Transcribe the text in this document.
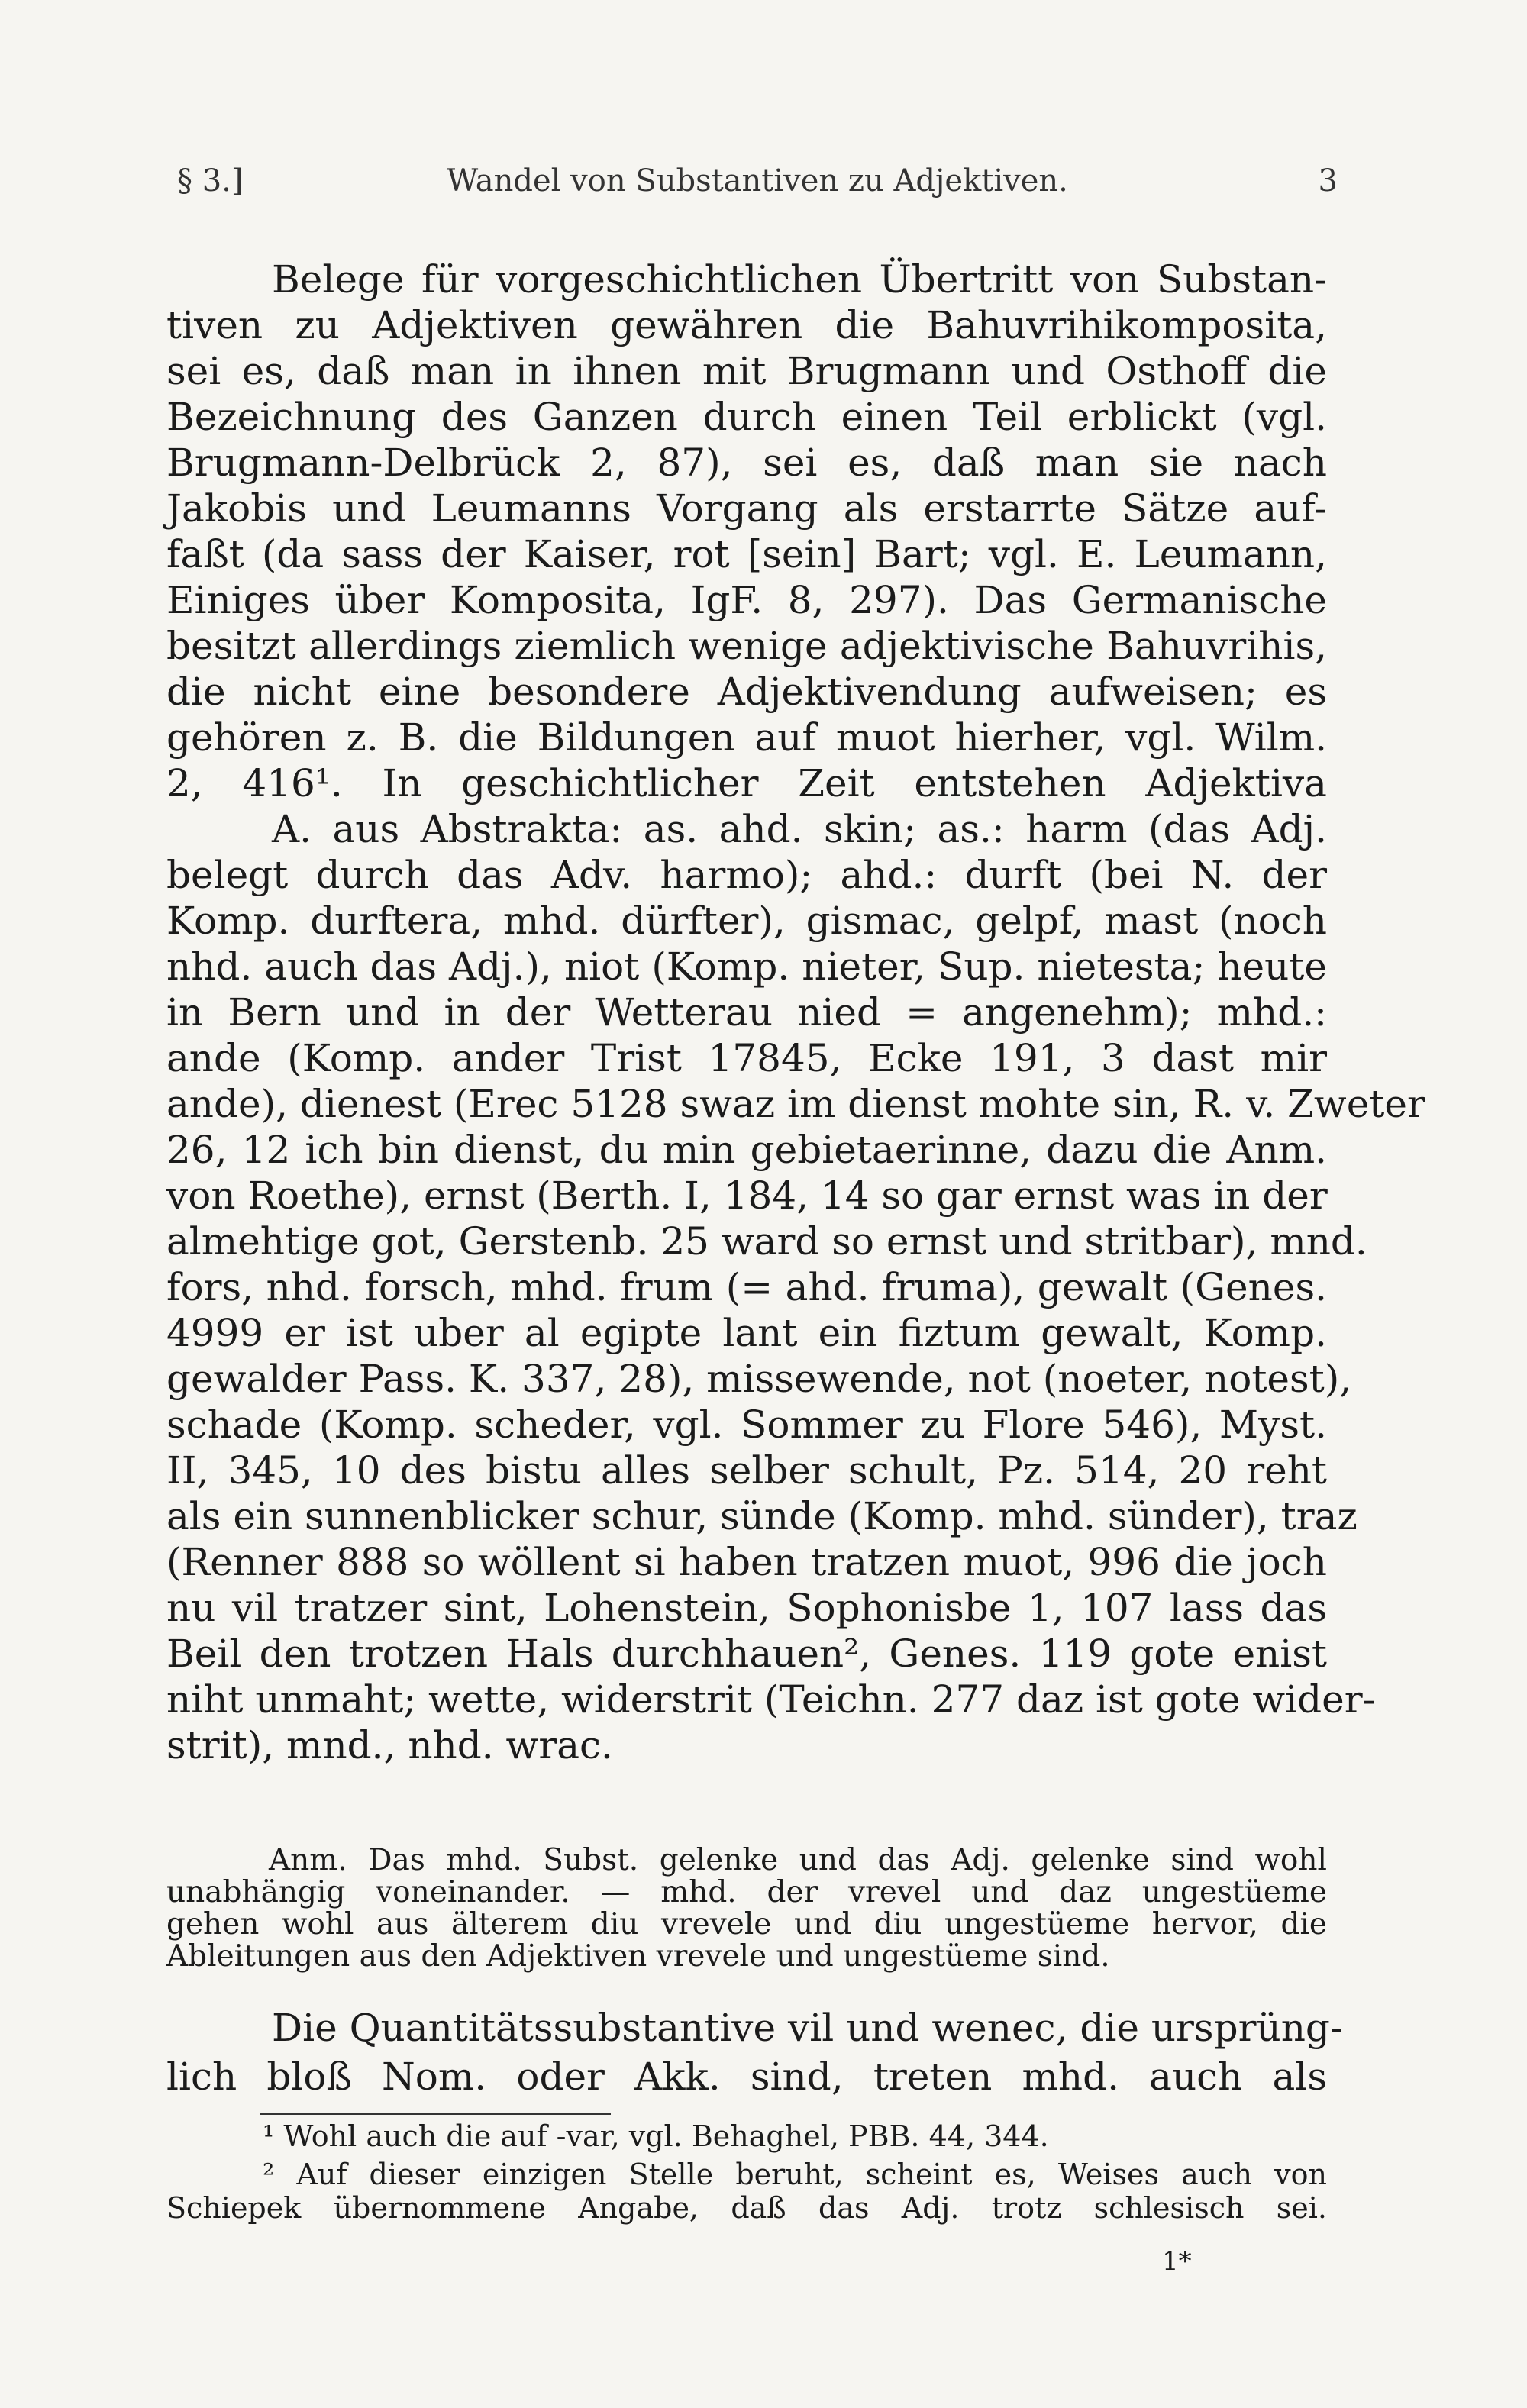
§ 3.]	Wandel von Substantiven zu Adjektiven.	3
Belege für vorgeschichtlichen Übertritt von Substan-
tiven zu Adjektiven gewähren die Bahuvrihikomposita,
sei es, daß man in ihnen mit Brugmann und Osthoff die
Bezeichnung des Ganzen durch einen Teil erblickt (vgl.
Brugmann-Delbrück 2, 87), sei es, daß man sie nach
Jakobis und Leumanns Vorgang als erstarrte Sätze auf-
faßt (da sass der Kaiser, rot [sein] Bart; vgl. E. Leumann,
Einiges über Komposita, IgF. 8, 297). Das Germanische
besitzt allerdings ziemlich wenige adjektivische Bahuvrihis,
die nicht eine besondere Adjektivendung aufweisen; es
gehören z. B. die Bildungen auf muot hierher, vgl. Wilm.
2, 416¹. In geschichtlicher Zeit entstehen Adjektiva
A. aus Abstrakta: as. ahd. skin; as.: harm (das Adj.
belegt durch das Adv. harmo); ahd.: durft (bei N. der
Komp. durftera, mhd. dürfter), gismac, gelpf, mast (noch
nhd. auch das Adj.), niot (Komp. nieter, Sup. nietesta; heute
in Bern und in der Wetterau nied = angenehm); mhd.:
ande (Komp. ander Trist 17845, Ecke 191, 3 dast mir
ande), dienest (Erec 5128 swaz im dienst mohte sin, R. v. Zweter
26, 12 ich bin dienst, du min gebietaerinne, dazu die Anm.
von Roethe), ernst (Berth. I, 184, 14 so gar ernst was in der
almehtige got, Gerstenb. 25 ward so ernst und stritbar), mnd.
fors, nhd. forsch, mhd. frum (= ahd. fruma), gewalt (Genes.
4999 er ist uber al egipte lant ein fiztum gewalt, Komp.
gewalder Pass. K. 337, 28), missewende, not (noeter, notest),
schade (Komp. scheder, vgl. Sommer zu Flore 546), Myst.
II, 345, 10 des bistu alles selber schult, Pz. 514, 20 reht
als ein sunnenblicker schur, sünde (Komp. mhd. sünder), traz
(Renner 888 so wöllent si haben tratzen muot, 996 die joch
nu vil tratzer sint, Lohenstein, Sophonisbe 1, 107 lass das
Beil den trotzen Hals durchhauen², Genes. 119 gote enist
niht unmaht; wette, widerstrit (Teichn. 277 daz ist gote wider-
strit), mnd., nhd. wrac.
Anm. Das mhd. Subst. gelenke und das Adj. gelenke sind wohl
unabhängig voneinander. — mhd. der vrevel und daz ungestüeme
gehen wohl aus älterem diu vrevele und diu ungestüeme hervor, die
Ableitungen aus den Adjektiven vrevele und ungestüeme sind.
Die Quantitätssubstantive vil und wenec, die ursprüng-
lich bloß Nom. oder Akk. sind, treten mhd. auch als
¹ Wohl auch die auf -var, vgl. Behaghel, PBB. 44, 344.
² Auf dieser einzigen Stelle beruht, scheint es, Weises auch von
Schiepek übernommene Angabe, daß das Adj. trotz schlesisch sei.
1*
